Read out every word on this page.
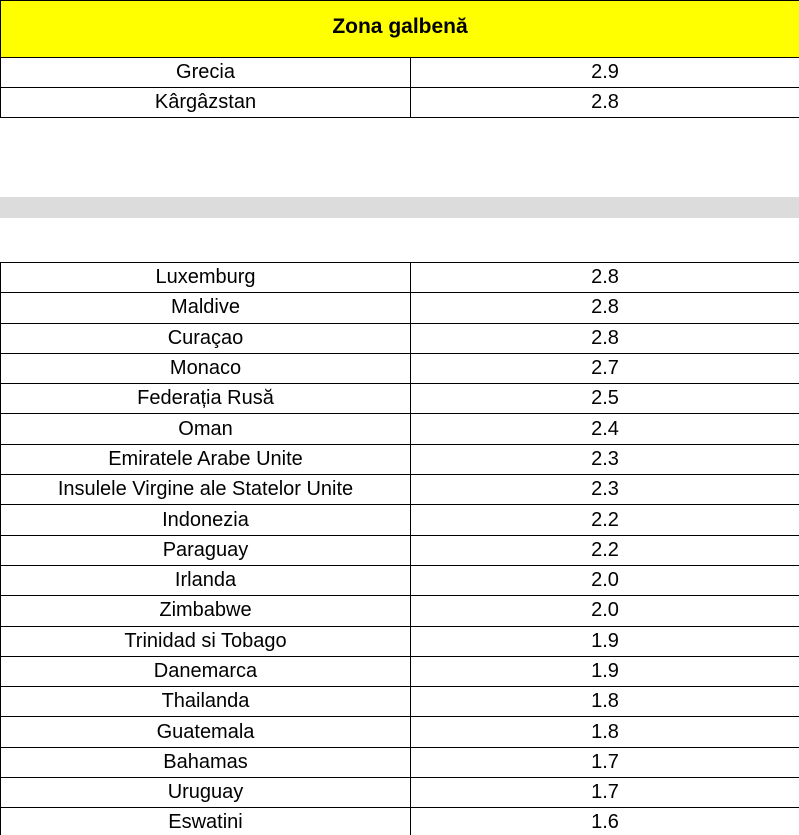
Zona galbenă	
Grecia	2.9
Kârgâzstan	2.8
Luxemburg	2.8
Maldive	2.8
Curaçao	2.8
Monaco	2.7
Federația Rusă	2.5
Oman	2.4
Emiratele Arabe Unite	2.3
Insulele Virgine ale Statelor Unite	2.3
Indonezia	2.2
Paraguay	2.2
Irlanda	2.0
Zimbabwe	2.0
Trinidad si Tobago	1.9
Danemarca	1.9
Thailanda	1.8
Guatemala	1.8
Bahamas	1.7
Uruguay	1.7
Eswatini	1.6
